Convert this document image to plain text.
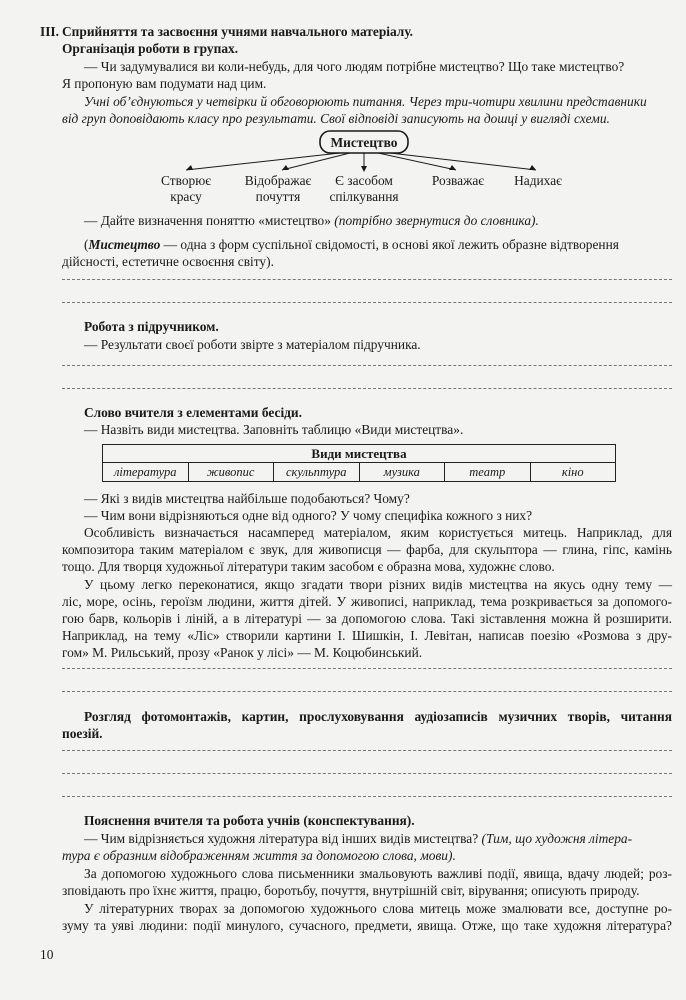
III. Сприйняття та засвоєння учнями навчального матеріалу.
Організація роботи в групах.
— Чи задумувалися ви коли-небудь, для чого людям потрібне мистецтво? Що таке мистецтво?
Я пропоную вам подумати над цим.
Учні об’єднуються у четвірки й обговорюють питання. Через три-чотири хвилини представники
від груп доповідають класу про результати. Свої відповіді записують на дошці у вигляді схеми.
Мистецтво
Створює
красу
Відображає
почуття
Є засобом
спілкування
Розважає	Надихає
— Дайте визначення поняттю «мистецтво» (потрібно звернутися до словника).
(Мистецтво — одна з форм суспільної свідомості, в основі якої лежить образне відтворення
дійсності, естетичне освоєння світу).
Робота з підручником.
— Результати своєї роботи звірте з матеріалом підручника.
Слово вчителя з елементами бесіди.
— Назвіть види мистецтва. Заповніть таблицю «Види мистецтва».
Види мистецтва
література	живопис	скульптура	музика	театр	кіно
— Які з видів мистецтва найбільше подобаються? Чому?
— Чим вони відрізняються одне від одного? У чому специфіка кожного з них?
Особливість визначається насамперед матеріалом, яким користується митець. Наприклад, для
композитора таким матеріалом є звук, для живописця — фарба, для скульптора — глина, гіпс, камінь
тощо. Для творця художньої літератури таким засобом є образна мова, художнє слово.
У цьому легко переконатися, якщо згадати твори різних видів мистецтва на якусь одну тему —
ліс, море, осінь, героїзм людини, життя дітей. У живописі, наприклад, тема розкривається за допомого-
гою барв, кольорів і ліній, а в літературі — за допомогою слова. Такі зіставлення можна й розширити.
Наприклад, на тему «Ліс» створили картини І. Шишкін, І. Левітан, написав поезію «Розмова з дру-
гом» М. Рильський, прозу «Ранок у лісі» — М. Коцюбинський.
Розгляд фотомонтажів, картин, прослуховування аудіозаписів музичних творів, читання
поезій.
Пояснення вчителя та робота учнів (конспектування).
— Чим відрізняється художня література від інших видів мистецтва? (Тим, що художня літера-
тура є образним відображенням життя за допомогою слова, мови).
За допомогою художнього слова письменники змальовують важливі події, явища, вдачу людей; роз-
зповідають про їхнє життя, працю, боротьбу, почуття, внутрішній світ, вірування; описують природу.
У літературних творах за допомогою художнього слова митець може змалювати все, доступне ро-
зуму та уяві людини: події минулого, сучасного, предмети, явища. Отже, що таке художня література?
10
